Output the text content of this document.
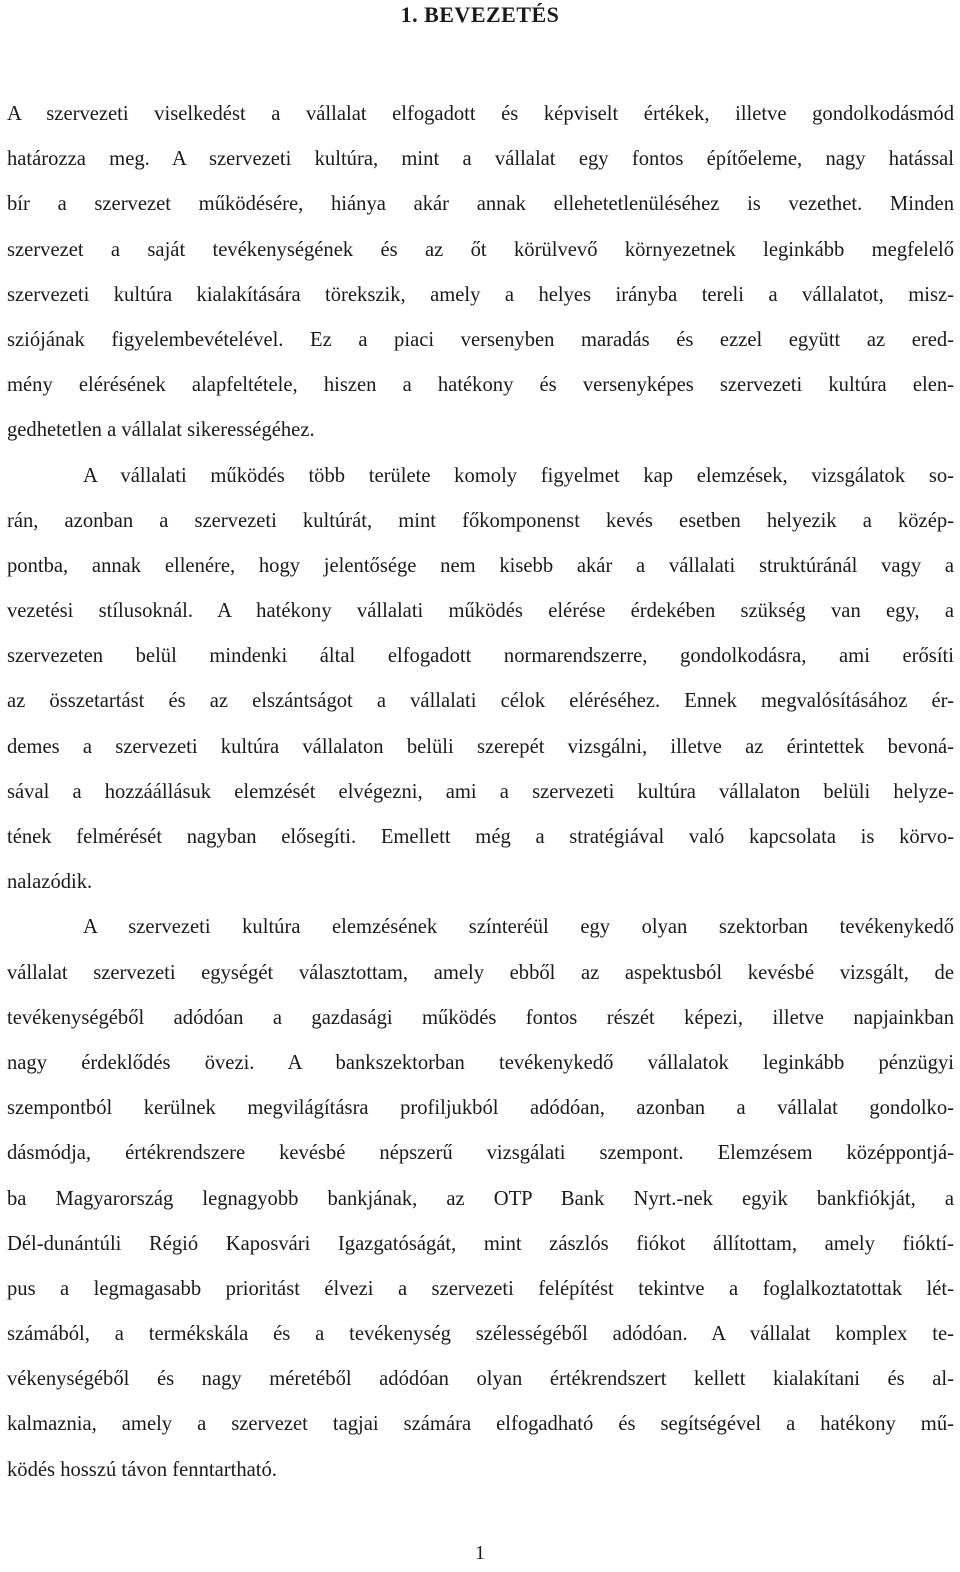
1. BEVEZETÉS

A szervezeti viselkedést a vállalat elfogadott és képviselt értékek, illetve gondolkodásmód
határozza meg. A szervezeti kultúra, mint a vállalat egy fontos építőeleme, nagy hatással
bír a szervezet működésére, hiánya akár annak ellehetetlenüléséhez is vezethet. Minden
szervezet a saját tevékenységének és az őt körülvevő környezetnek leginkább megfelelő
szervezeti kultúra kialakítására törekszik, amely a helyes irányba tereli a vállalatot, misz-
sziójának figyelembevételével. Ez a piaci versenyben maradás és ezzel együtt az ered-
mény elérésének alapfeltétele, hiszen a hatékony és versenyképes szervezeti kultúra elen-
gedhetetlen a vállalat sikerességéhez.

A vállalati működés több területe komoly figyelmet kap elemzések, vizsgálatok so-
rán, azonban a szervezeti kultúrát, mint főkomponenst kevés esetben helyezik a közép-
pontba, annak ellenére, hogy jelentősége nem kisebb akár a vállalati struktúránál vagy a
vezetési stílusoknál. A hatékony vállalati működés elérése érdekében szükség van egy, a
szervezeten belül mindenki által elfogadott normarendszerre, gondolkodásra, ami erősíti
az összetartást és az elszántságot a vállalati célok eléréséhez. Ennek megvalósításához ér-
demes a szervezeti kultúra vállalaton belüli szerepét vizsgálni, illetve az érintettek bevoná-
sával a hozzáállásuk elemzését elvégezni, ami a szervezeti kultúra vállalaton belüli helyze-
tének felmérését nagyban elősegíti. Emellett még a stratégiával való kapcsolata is körvo-
nalazódik.

A szervezeti kultúra elemzésének színteréül egy olyan szektorban tevékenykedő
vállalat szervezeti egységét választottam, amely ebből az aspektusból kevésbé vizsgált, de
tevékenységéből adódóan a gazdasági működés fontos részét képezi, illetve napjainkban
nagy érdeklődés övezi. A bankszektorban tevékenykedő vállalatok leginkább pénzügyi
szempontból kerülnek megvilágításra profiljukból adódóan, azonban a vállalat gondolko-
dásmódja, értékrendszere kevésbé népszerű vizsgálati szempont. Elemzésem középpontjá-
ba Magyarország legnagyobb bankjának, az OTP Bank Nyrt.-nek egyik bankfiókját, a
Dél-dunántúli Régió Kaposvári Igazgatóságát, mint zászlós fiókot állítottam, amely fióktí-
pus a legmagasabb prioritást élvezi a szervezeti felépítést tekintve a foglalkoztatottak lét-
számából, a termékskála és a tevékenység szélességéből adódóan. A vállalat komplex te-
vékenységéből és nagy méretéből adódóan olyan értékrendszert kellett kialakítani és al-
kalmaznia, amely a szervezet tagjai számára elfogadható és segítségével a hatékony mű-
ködés hosszú távon fenntartható.

1
